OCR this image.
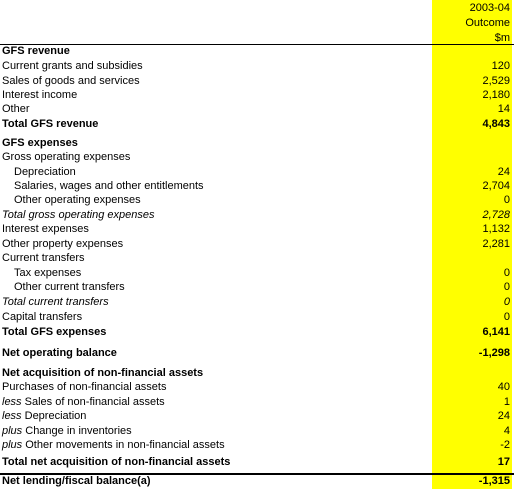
2003-04
Outcome
$m
GFS revenue
Current grants and subsidies	120
Sales of goods and services	2,529
Interest income	2,180
Other	14
Total GFS revenue	4,843
GFS expenses
Gross operating expenses
Depreciation	24
Salaries, wages and other entitlements	2,704
Other operating expenses	0
Total gross operating expenses	2,728
Interest expenses	1,132
Other property expenses	2,281
Current transfers
Tax expenses	0
Other current transfers	0
Total current transfers	0
Capital transfers	0
Total GFS expenses	6,141
Net operating balance	-1,298
Net acquisition of non-financial assets
Purchases of non-financial assets	40
less Sales of non-financial assets	1
less Depreciation	24
plus Change in inventories	4
plus Other movements in non-financial assets	-2
Total net acquisition of non-financial assets	17
Net lending/fiscal balance(a)	-1,315
